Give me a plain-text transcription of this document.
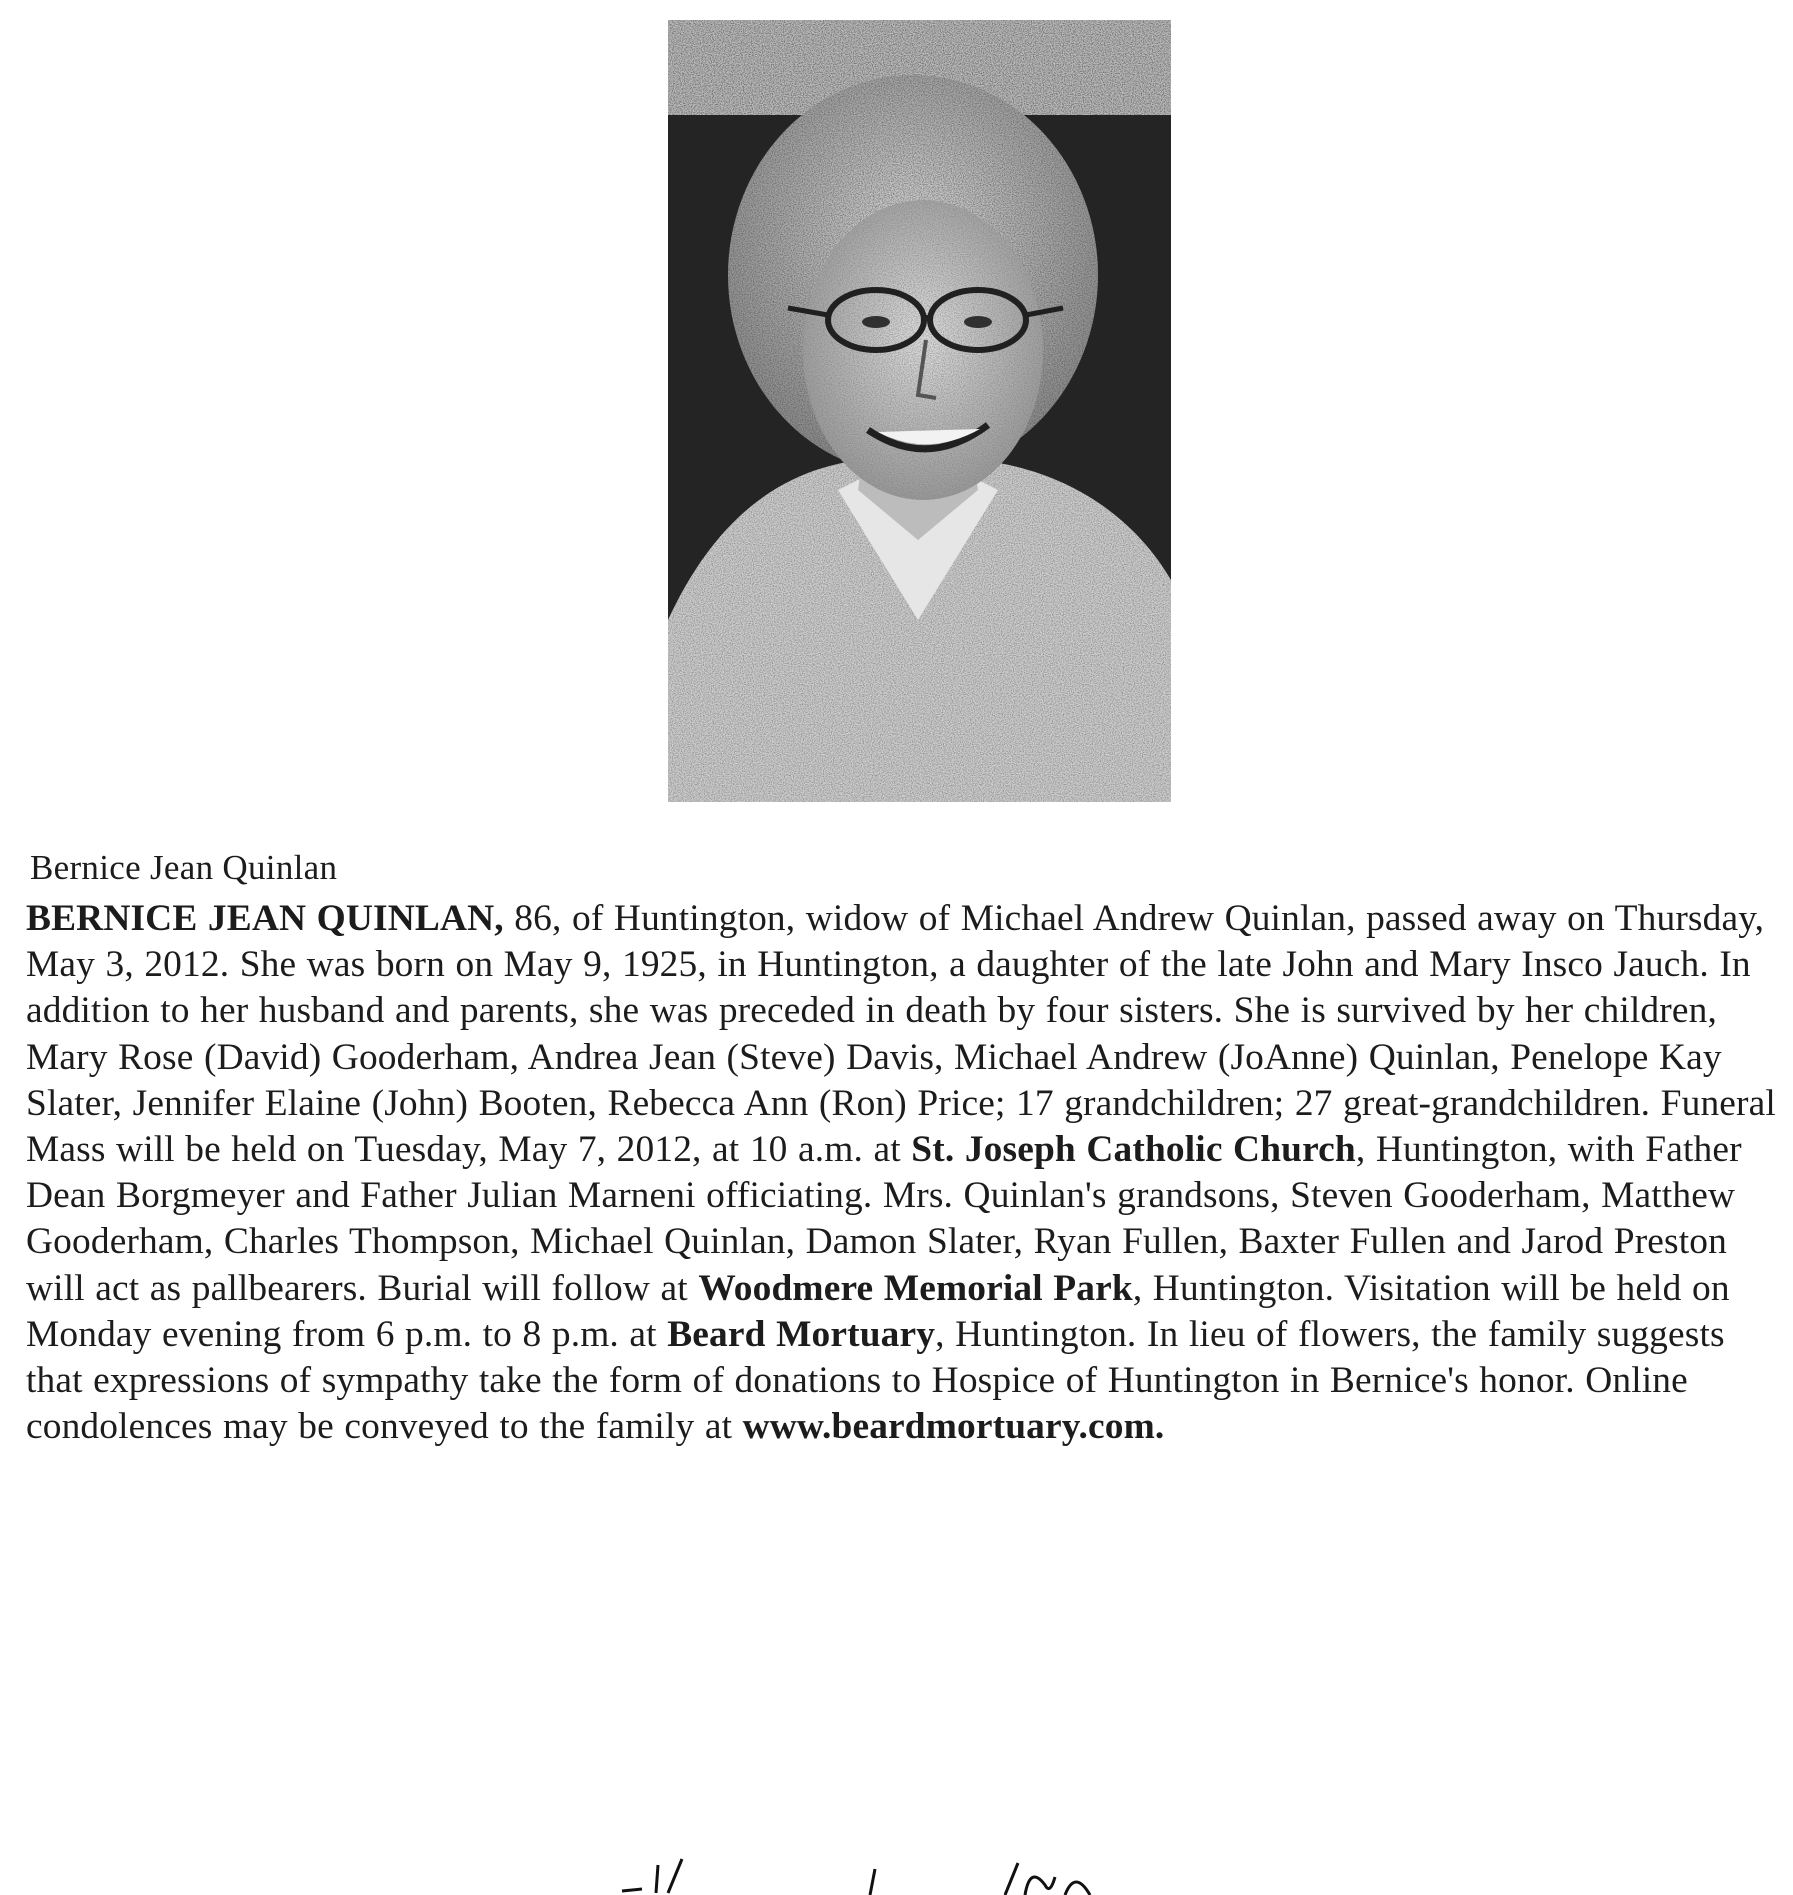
Bernice Jean Quinlan

BERNICE JEAN QUINLAN, 86, of Huntington, widow of Michael Andrew Quinlan, passed away on Thursday, May 3, 2012. She was born on May 9, 1925, in Huntington, a daughter of the late John and Mary Insco Jauch. In addition to her husband and parents, she was preceded in death by four sisters. She is survived by her children, Mary Rose (David) Gooderham, Andrea Jean (Steve) Davis, Michael Andrew (JoAnne) Quinlan, Penelope Kay Slater, Jennifer Elaine (John) Booten, Rebecca Ann (Ron) Price; 17 grandchildren; 27 great-grandchildren. Funeral Mass will be held on Tuesday, May 7, 2012, at 10 a.m. at St. Joseph Catholic Church, Huntington, with Father Dean Borgmeyer and Father Julian Marneni officiating. Mrs. Quinlan's grandsons, Steven Gooderham, Matthew Gooderham, Charles Thompson, Michael Quinlan, Damon Slater, Ryan Fullen, Baxter Fullen and Jarod Preston will act as pallbearers. Burial will follow at Woodmere Memorial Park, Huntington. Visitation will be held on Monday evening from 6 p.m. to 8 p.m. at Beard Mortuary, Huntington. In lieu of flowers, the family suggests that expressions of sympathy take the form of donations to Hospice of Huntington in Bernice's honor. Online condolences may be conveyed to the family at www.beardmortuary.com.
